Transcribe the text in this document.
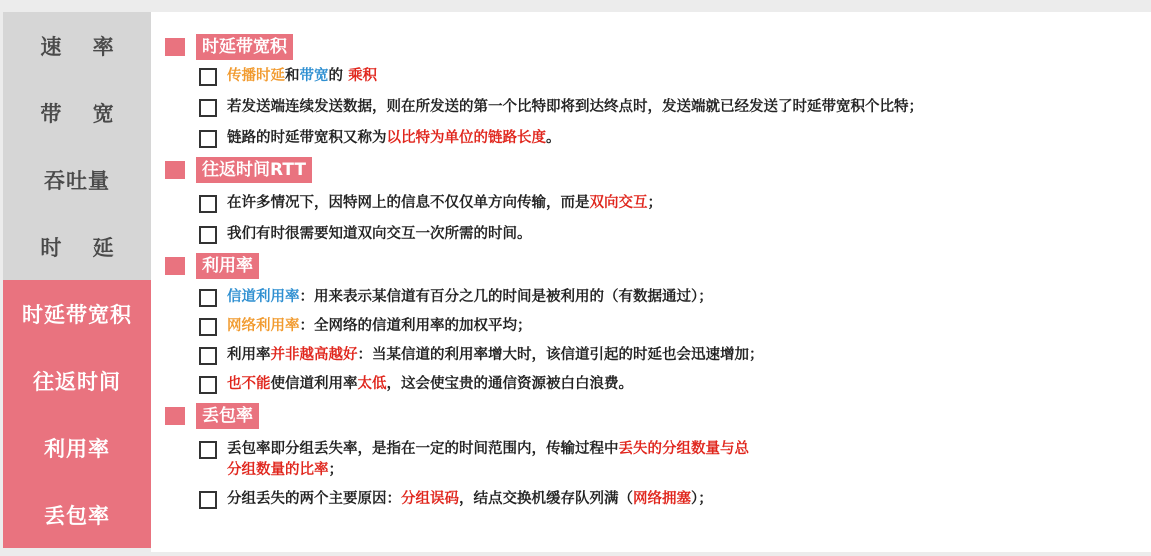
速 率
带 宽
吞吐量
时 延
时延带宽积
往返时间
利用率
丢包率
时延带宽积
传播时延和带宽的 乘积
若发送端连续发送数据，则在所发送的第一个比特即将到达终点时，发送端就已经发送了时延带宽积个比特；
链路的时延带宽积又称为以比特为单位的链路长度。
往返时间RTT
在许多情况下，因特网上的信息不仅仅单方向传输，而是双向交互；
我们有时很需要知道双向交互一次所需的时间。
利用率
信道利用率：用来表示某信道有百分之几的时间是被利用的（有数据通过）；
网络利用率：全网络的信道利用率的加权平均；
利用率并非越高越好：当某信道的利用率增大时，该信道引起的时延也会迅速增加；
也不能使信道利用率太低，这会使宝贵的通信资源被白白浪费。
丢包率
丢包率即分组丢失率，是指在一定的时间范围内，传输过程中丢失的分组数量与总
分组数量的比率；
分组丢失的两个主要原因：分组误码，结点交换机缓存队列满（网络拥塞）；
